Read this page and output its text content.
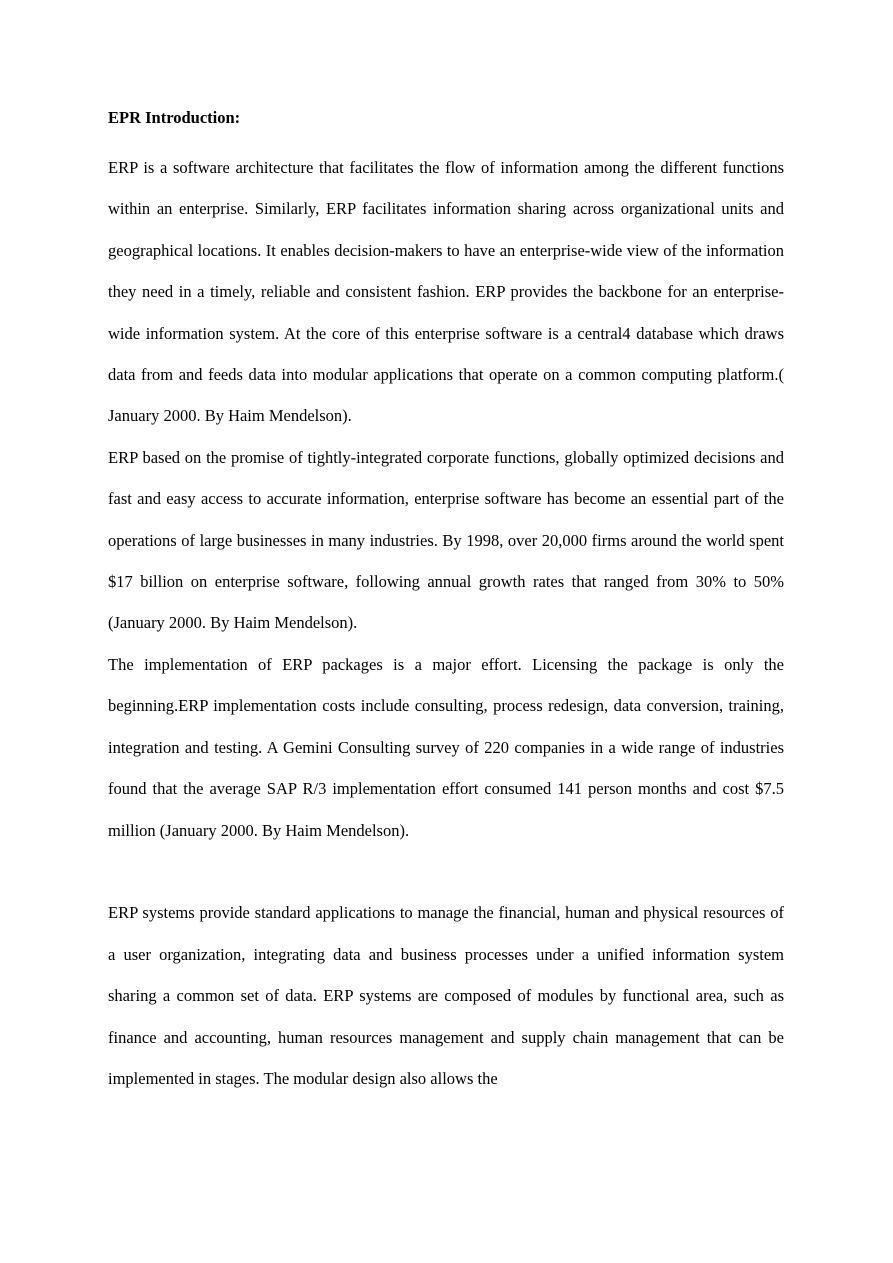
EPR Introduction:

ERP is a software architecture that facilitates the flow of information among the different functions within an enterprise. Similarly, ERP facilitates information sharing across organizational units and geographical locations. It enables decision-makers to have an enterprise-wide view of the information they need in a timely, reliable and consistent fashion. ERP provides the backbone for an enterprise-wide information system. At the core of this enterprise software is a central4 database which draws data from and feeds data into modular applications that operate on a common computing platform.( January 2000. By Haim Mendelson).

ERP based on the promise of tightly-integrated corporate functions, globally optimized decisions and fast and easy access to accurate information, enterprise software has become an essential part of the operations of large businesses in many industries. By 1998, over 20,000 firms around the world spent $17 billion on enterprise software, following annual growth rates that ranged from 30% to 50% (January 2000. By Haim Mendelson).

The implementation of ERP packages is a major effort. Licensing the package is only the beginning.ERP implementation costs include consulting, process redesign, data conversion, training, integration and testing. A Gemini Consulting survey of 220 companies in a wide range of industries found that the average SAP R/3 implementation effort consumed 141 person months and cost $7.5 million (January 2000. By Haim Mendelson).

ERP systems provide standard applications to manage the financial, human and physical resources of a user organization, integrating data and business processes under a unified information system sharing a common set of data. ERP systems are composed of modules by functional area, such as finance and accounting, human resources management and supply chain management that can be implemented in stages. The modular design also allows the
